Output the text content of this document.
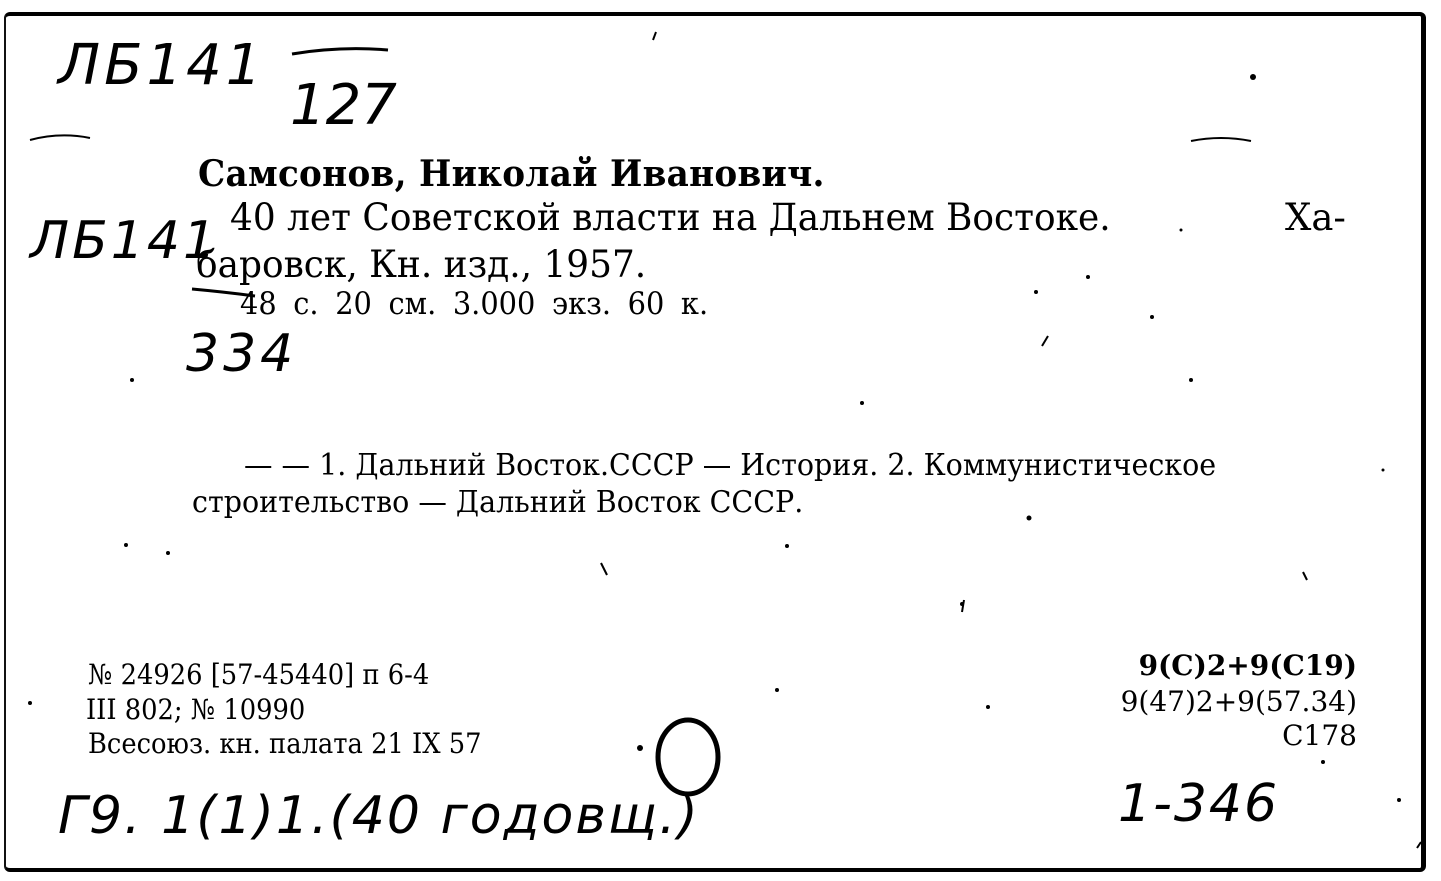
ЛБ141
127
ЛБ141
334
Г9. 1(1)1.(40 годовщ.)	1-346
Самсонов, Николай Иванович.
40 лет Советской власти на Дальнем Востоке.	Ха-
баровск, Кн. изд., 1957.
48 с. 20 см. 3.000 экз. 60 к.
— — 1. Дальний Восток.СССР — История. 2. Коммунистическое
строительство — Дальний Восток СССР.
№ 24926 [57-45440] п 6-4
III 802; № 10990
Всесоюз. кн. палата 21 IX 57
9(С)2+9(С19)
9(47)2+9(57.34)
С178
